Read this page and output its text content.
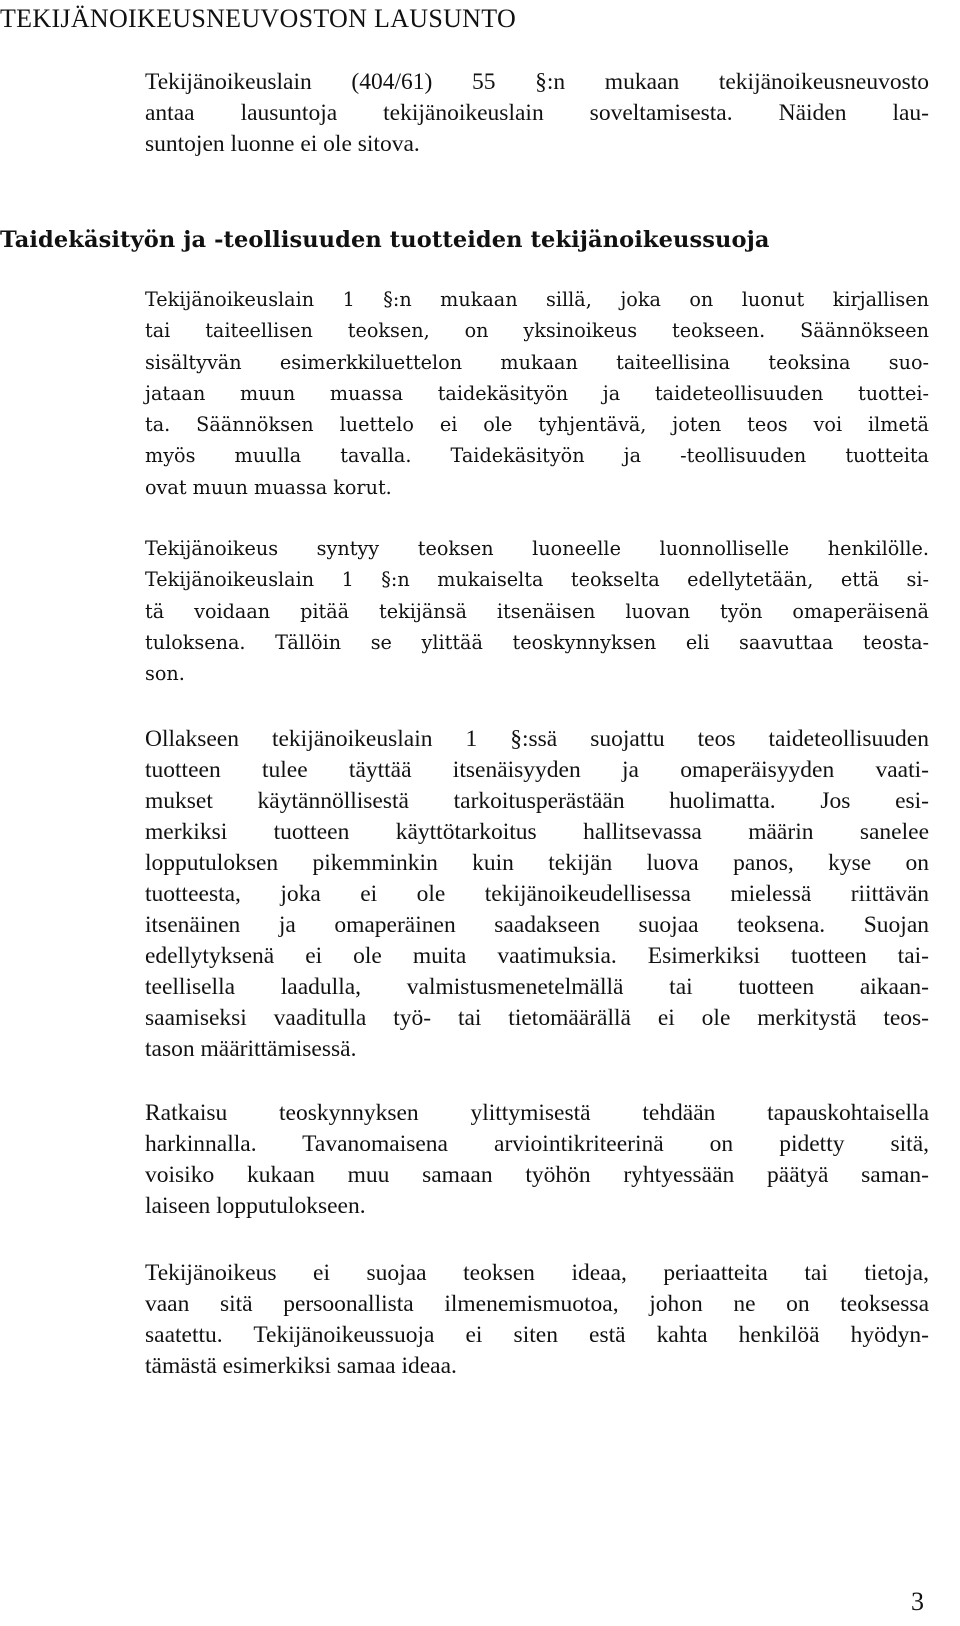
TEKIJÄNOIKEUSNEUVOSTON LAUSUNTO

Tekijänoikeuslain (404/61) 55 §:n mukaan tekijänoikeusneuvosto
antaa lausuntoja tekijänoikeuslain soveltamisesta. Näiden lau-
suntojen luonne ei ole sitova.

Taidekäsityön ja -teollisuuden tuotteiden tekijänoikeussuoja

Tekijänoikeuslain 1 §:n mukaan sillä, joka on luonut kirjallisen
tai taiteellisen teoksen, on yksinoikeus teokseen. Säännökseen
sisältyvän esimerkkiluettelon mukaan taiteellisina teoksina suo-
jataan muun muassa taidekäsityön ja taideteollisuuden tuottei-
ta. Säännöksen luettelo ei ole tyhjentävä, joten teos voi ilmetä
myös muulla tavalla. Taidekäsityön ja -teollisuuden tuotteita
ovat muun muassa korut.

Tekijänoikeus syntyy teoksen luoneelle luonnolliselle henkilölle.
Tekijänoikeuslain 1 §:n mukaiselta teokselta edellytetään, että si-
tä voidaan pitää tekijänsä itsenäisen luovan työn omaperäisenä
tuloksena. Tällöin se ylittää teoskynnyksen eli saavuttaa teosta-
son.

Ollakseen tekijänoikeuslain 1 §:ssä suojattu teos taideteollisuuden
tuotteen tulee täyttää itsenäisyyden ja omaperäisyyden vaati-
mukset käytännöllisestä tarkoitusperästään huolimatta. Jos esi-
merkiksi tuotteen käyttötarkoitus hallitsevassa määrin sanelee
lopputuloksen pikemminkin kuin tekijän luova panos, kyse on
tuotteesta, joka ei ole tekijänoikeudellisessa mielessä riittävän
itsenäinen ja omaperäinen saadakseen suojaa teoksena. Suojan
edellytyksenä ei ole muita vaatimuksia. Esimerkiksi tuotteen tai-
teellisella laadulla, valmistusmenetelmällä tai tuotteen aikaan-
saamiseksi vaaditulla työ- tai tietomäärällä ei ole merkitystä teos-
tason määrittämisessä.

Ratkaisu teoskynnyksen ylittymisestä tehdään tapauskohtaisella
harkinnalla. Tavanomaisena arviointikriteerinä on pidetty sitä,
voisiko kukaan muu samaan työhön ryhtyessään päätyä saman-
laiseen lopputulokseen.

Tekijänoikeus ei suojaa teoksen ideaa, periaatteita tai tietoja,
vaan sitä persoonallista ilmenemismuotoa, johon ne on teoksessa
saatettu. Tekijänoikeussuoja ei siten estä kahta henkilöä hyödyn-
tämästä esimerkiksi samaa ideaa.

3
